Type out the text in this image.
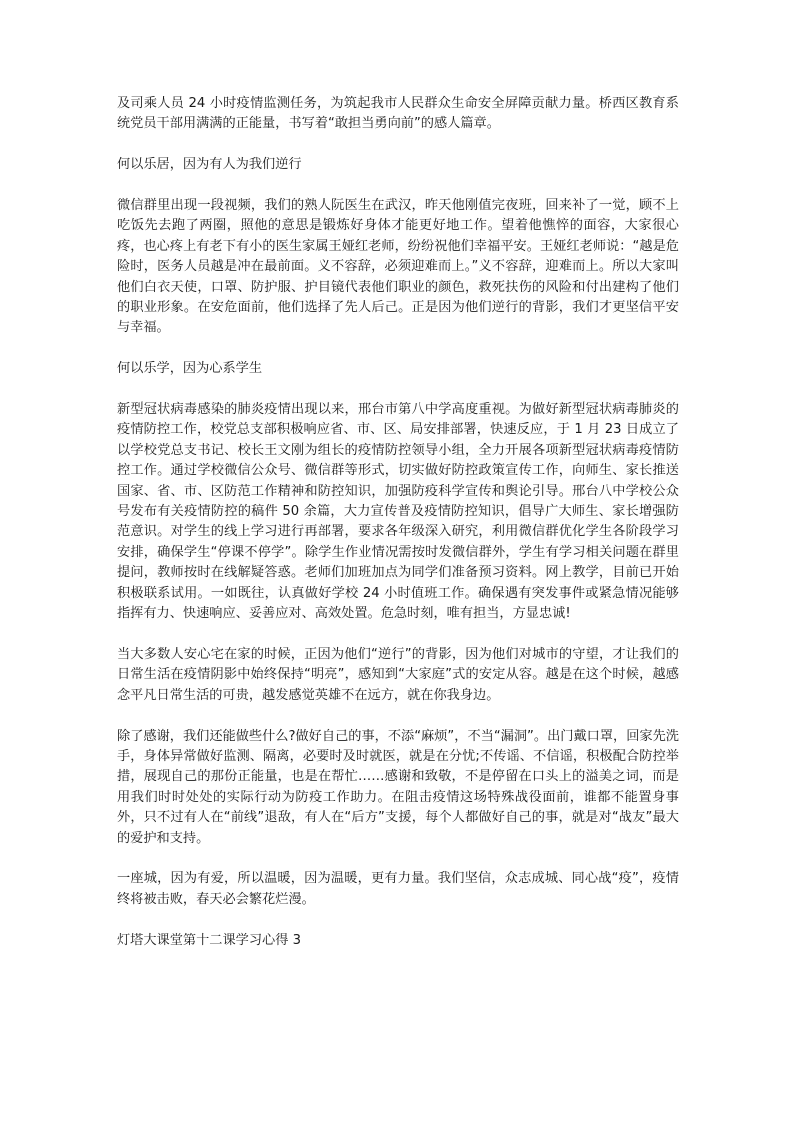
及司乘人员 24 小时疫情监测任务，为筑起我市人民群众生命安全屏障贡献力量。桥西区教育系统党员干部用满满的正能量，书写着“敢担当勇向前”的感人篇章。

何以乐居，因为有人为我们逆行

微信群里出现一段视频，我们的熟人阮医生在武汉，昨天他刚值完夜班，回来补了一觉，顾不上吃饭先去跑了两圈，照他的意思是锻炼好身体才能更好地工作。望着他憔悴的面容，大家很心疼，也心疼上有老下有小的医生家属王娅红老师，纷纷祝他们幸福平安。王娅红老师说：“越是危险时，医务人员越是冲在最前面。义不容辞，必须迎难而上。”义不容辞，迎难而上。所以大家叫他们白衣天使，口罩、防护服、护目镜代表他们职业的颜色，救死扶伤的风险和付出建构了他们的职业形象。在安危面前，他们选择了先人后己。正是因为他们逆行的背影，我们才更坚信平安与幸福。

何以乐学，因为心系学生

新型冠状病毒感染的肺炎疫情出现以来，邢台市第八中学高度重视。为做好新型冠状病毒肺炎的疫情防控工作，校党总支部积极响应省、市、区、局安排部署，快速反应，于 1 月 23 日成立了以学校党总支书记、校长王文刚为组长的疫情防控领导小组，全力开展各项新型冠状病毒疫情防控工作。通过学校微信公众号、微信群等形式，切实做好防控政策宣传工作，向师生、家长推送国家、省、市、区防范工作精神和防控知识，加强防疫科学宣传和舆论引导。邢台八中学校公众号发布有关疫情防控的稿件 50 余篇，大力宣传普及疫情防控知识，倡导广大师生、家长增强防范意识。对学生的线上学习进行再部署，要求各年级深入研究，利用微信群优化学生各阶段学习安排，确保学生“停课不停学”。除学生作业情况需按时发微信群外，学生有学习相关问题在群里提问，教师按时在线解疑答惑。老师们加班加点为同学们准备预习资料。网上教学，目前已开始积极联系试用。一如既往，认真做好学校 24 小时值班工作。确保遇有突发事件或紧急情况能够指挥有力、快速响应、妥善应对、高效处置。危急时刻，唯有担当，方显忠诚!

当大多数人安心宅在家的时候，正因为他们“逆行”的背影，因为他们对城市的守望，才让我们的日常生活在疫情阴影中始终保持“明亮”，感知到“大家庭”式的安定从容。越是在这个时候，越感念平凡日常生活的可贵，越发感觉英雄不在远方，就在你我身边。

除了感谢，我们还能做些什么?做好自己的事，不添“麻烦”，不当“漏洞”。出门戴口罩，回家先洗手，身体异常做好监测、隔离，必要时及时就医，就是在分忧;不传谣、不信谣，积极配合防控举措，展现自己的那份正能量，也是在帮忙……感谢和致敬，不是停留在口头上的溢美之词，而是用我们时时处处的实际行动为防疫工作助力。在阻击疫情这场特殊战役面前，谁都不能置身事外，只不过有人在“前线”退敌，有人在“后方”支援，每个人都做好自己的事，就是对“战友”最大的爱护和支持。

一座城，因为有爱，所以温暖，因为温暖，更有力量。我们坚信，众志成城、同心战“疫”，疫情终将被击败，春天必会繁花烂漫。

灯塔大课堂第十二课学习心得 3
